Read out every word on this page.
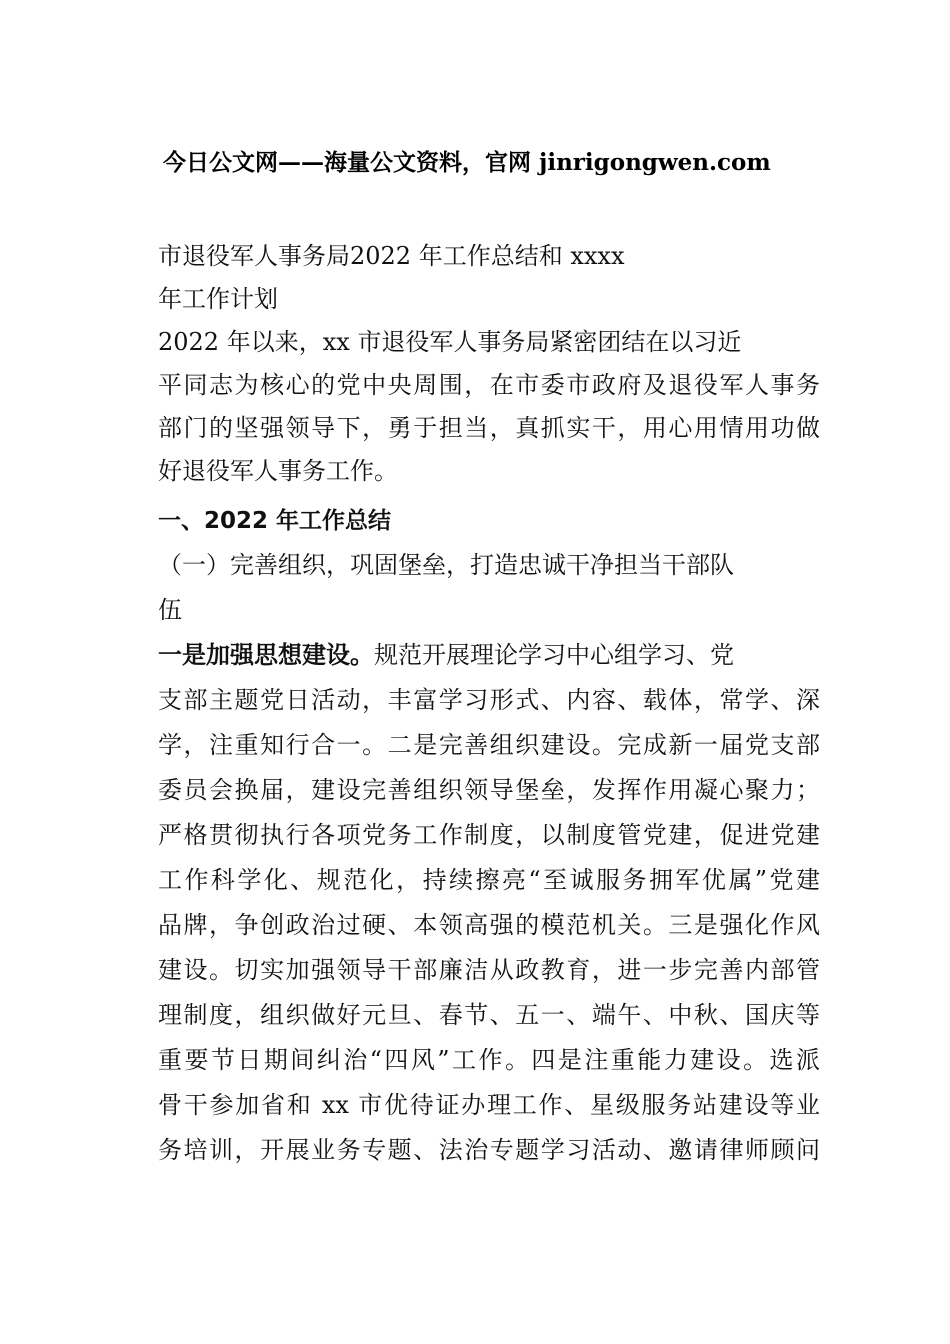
今日公文网——海量公文资料，官网 jinrigongwen.com
市退役军人事务局2022 年工作总结和 xxxx
年工作计划
2022 年以来，xx 市退役军人事务局紧密团结在以习近
平同志为核心的党中央周围，在市委市政府及退役军人事务
部门的坚强领导下，勇于担当，真抓实干，用心用情用功做
好退役军人事务工作。
一、2022 年工作总结
（一）完善组织，巩固堡垒，打造忠诚干净担当干部队
伍
一是加强思想建设。规范开展理论学习中心组学习、党
支部主题党日活动，丰富学习形式、内容、载体，常学、深
学，注重知行合一。二是完善组织建设。完成新一届党支部
委员会换届，建设完善组织领导堡垒，发挥作用凝心聚力；
严格贯彻执行各项党务工作制度，以制度管党建，促进党建
工作科学化、规范化，持续擦亮“至诚服务拥军优属”党建
品牌，争创政治过硬、本领高强的模范机关。三是强化作风
建设。切实加强领导干部廉洁从政教育，进一步完善内部管
理制度，组织做好元旦、春节、五一、端午、中秋、国庆等
重要节日期间纠治“四风”工作。四是注重能力建设。选派
骨干参加省和 xx 市优待证办理工作、星级服务站建设等业
务培训，开展业务专题、法治专题学习活动、邀请律师顾问
